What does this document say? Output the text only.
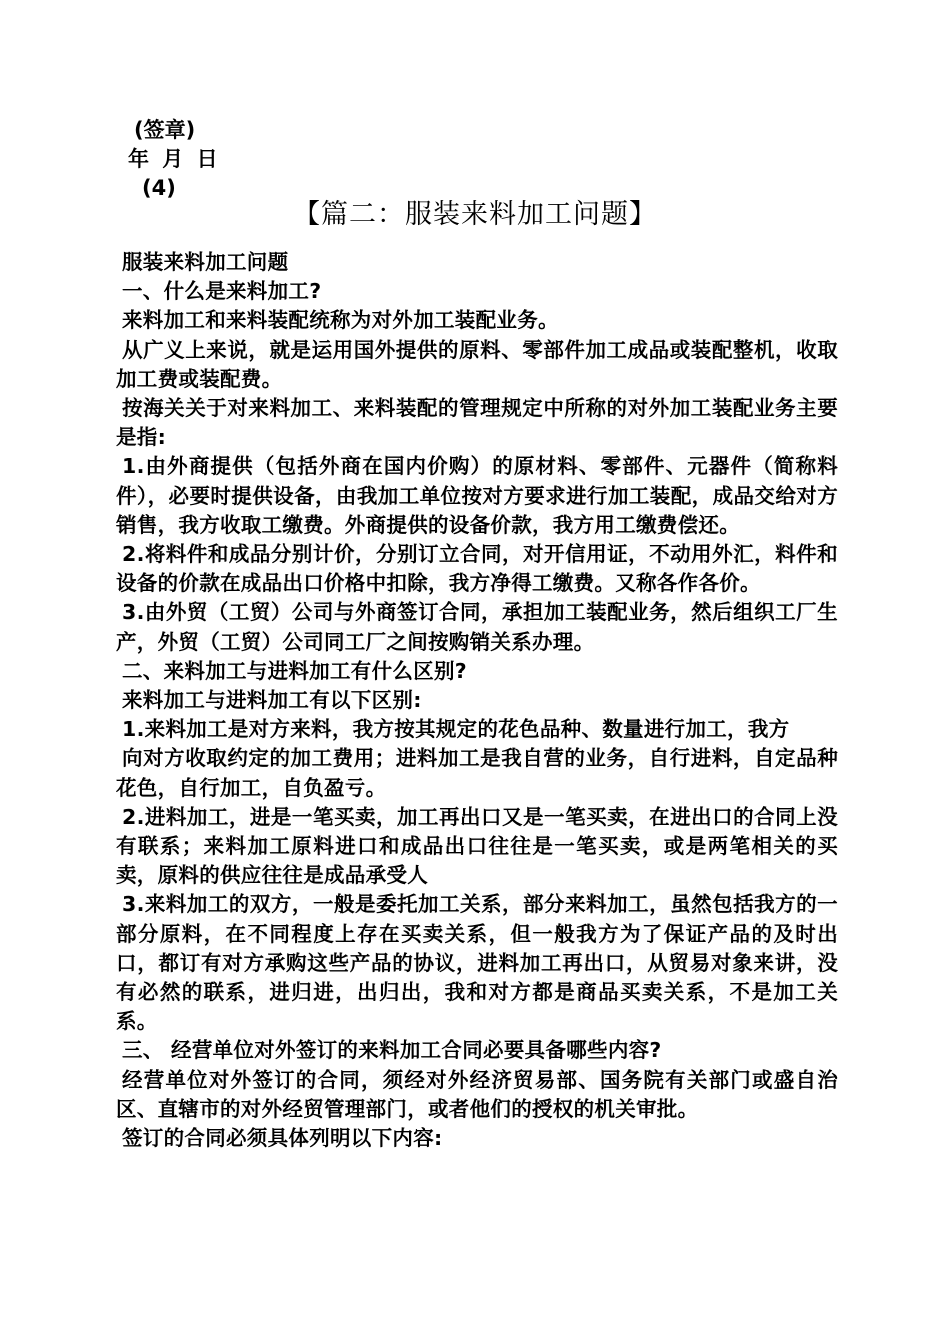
(签章)
年 月 日
(4)
【篇二：服装来料加工问题】

服装来料加工问题

一、什么是来料加工?

来料加工和来料装配统称为对外加工装配业务。

从广义上来说，就是运用国外提供的原料、零部件加工成品或装配整机，收取加工费或装配费。

按海关关于对来料加工、来料装配的管理规定中所称的对外加工装配业务主要是指:

1.由外商提供（包括外商在国内价购）的原材料、零部件、元器件（简称料件），必要时提供设备，由我加工单位按对方要求进行加工装配，成品交给对方销售，我方收取工缴费。外商提供的设备价款，我方用工缴费偿还。

2.将料件和成品分别计价，分别订立合同，对开信用证，不动用外汇，料件和设备的价款在成品出口价格中扣除，我方净得工缴费。又称各作各价。

3.由外贸（工贸）公司与外商签订合同，承担加工装配业务，然后组织工厂生产，外贸（工贸）公司同工厂之间按购销关系办理。

二、来料加工与进料加工有什么区别?

来料加工与进料加工有以下区别:

1.来料加工是对方来料，我方按其规定的花色品种、数量进行加工，我方

向对方收取约定的加工费用；进料加工是我自营的业务，自行进料，自定品种花色，自行加工，自负盈亏。

2.进料加工，进是一笔买卖，加工再出口又是一笔买卖，在进出口的合同上没有联系；来料加工原料进口和成品出口往往是一笔买卖，或是两笔相关的买卖，原料的供应往往是成品承受人

3.来料加工的双方，一般是委托加工关系，部分来料加工，虽然包括我方的一部分原料，在不同程度上存在买卖关系，但一般我方为了保证产品的及时出口，都订有对方承购这些产品的协议，进料加工再出口，从贸易对象来讲，没有必然的联系，进归进，出归出，我和对方都是商品买卖关系，不是加工关系。

三、 经营单位对外签订的来料加工合同必要具备哪些内容?

经营单位对外签订的合同，须经对外经济贸易部、国务院有关部门或盛自治区、直辖市的对外经贸管理部门，或者他们的授权的机关审批。

签订的合同必须具体列明以下内容:
